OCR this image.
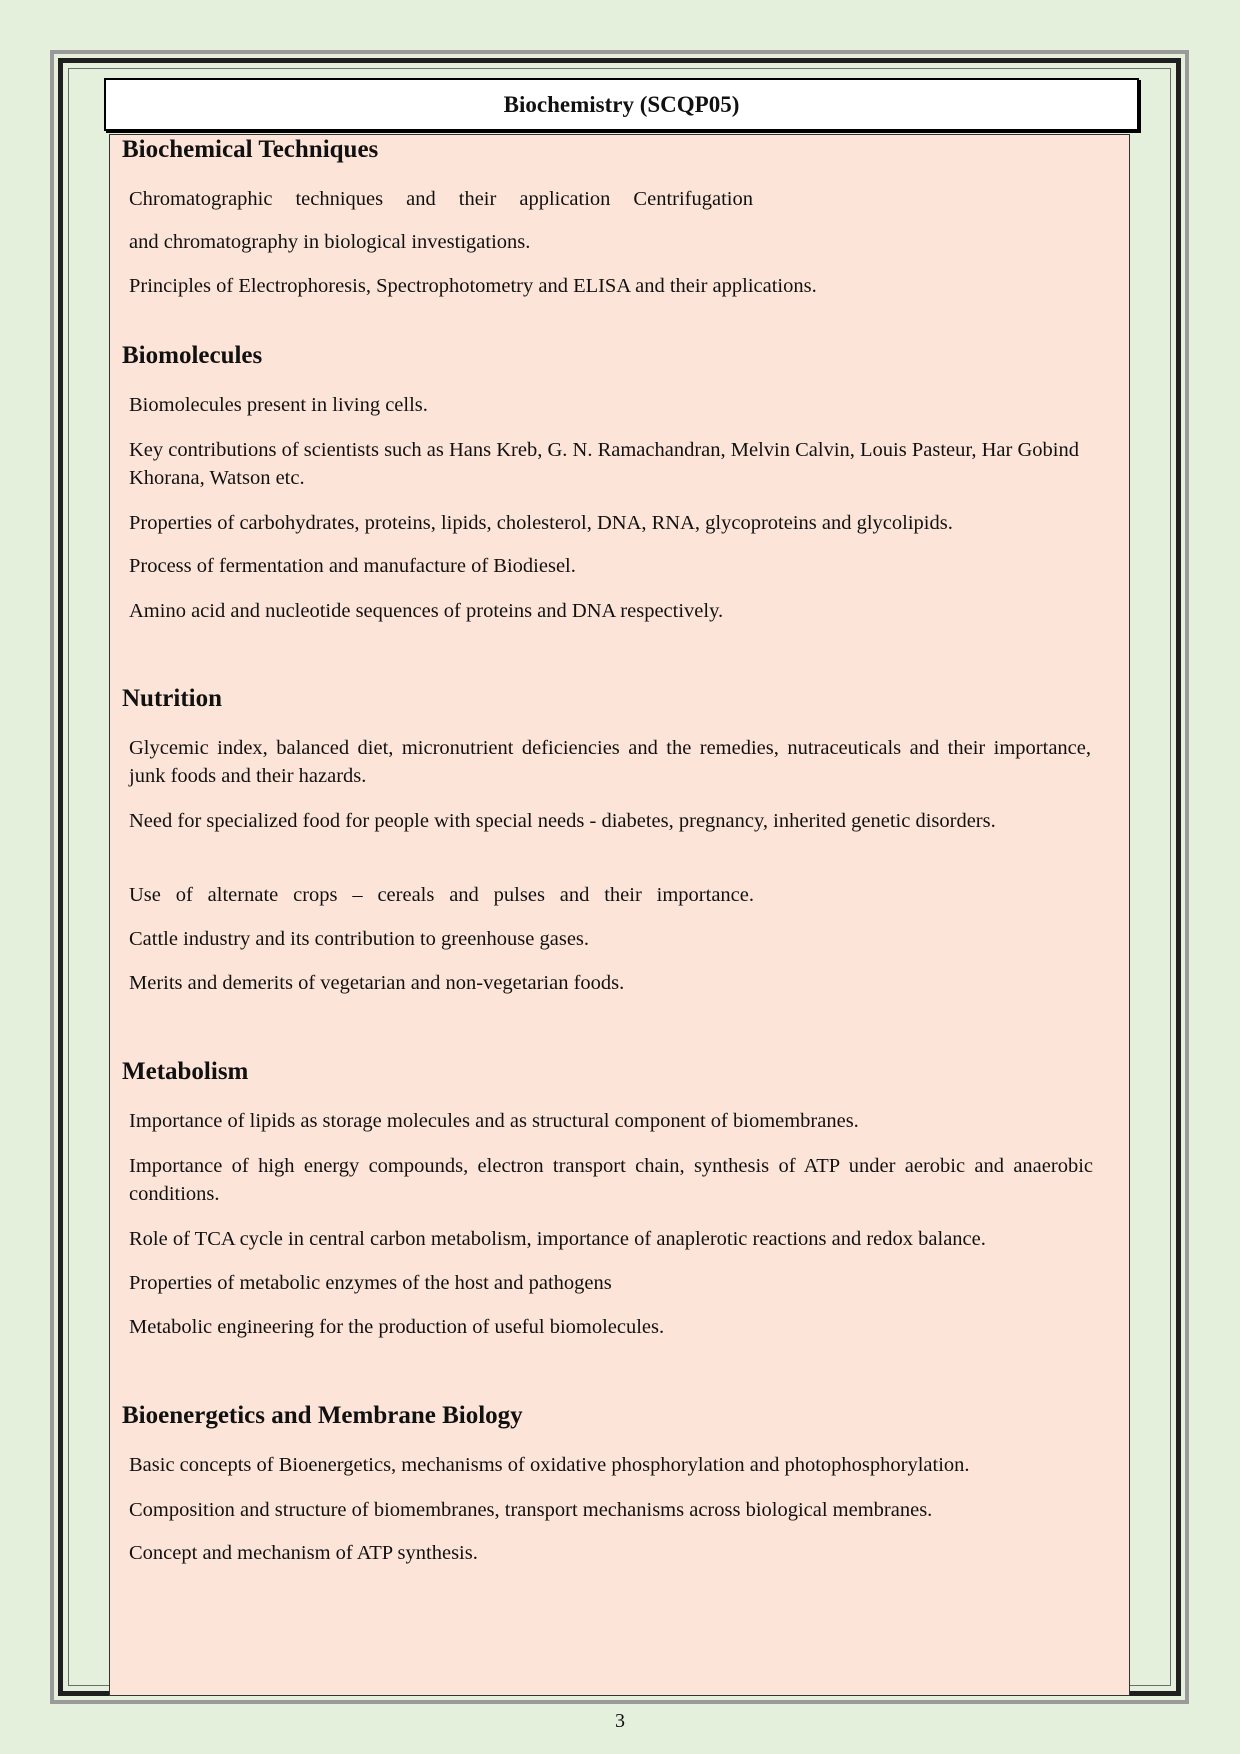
Biochemistry (SCQP05)
Biochemical Techniques

Chromatographic techniques and their application Centrifugation

and chromatography in biological investigations.

Principles of Electrophoresis, Spectrophotometry and ELISA and their applications.

Biomolecules

Biomolecules present in living cells.

Key contributions of scientists such as Hans Kreb, G. N. Ramachandran, Melvin Calvin, Louis Pasteur, Har Gobind Khorana, Watson etc.

Properties of carbohydrates, proteins, lipids, cholesterol, DNA, RNA, glycoproteins and glycolipids.

Process of fermentation and manufacture of Biodiesel.

Amino acid and nucleotide sequences of proteins and DNA respectively.

Nutrition

Glycemic index, balanced diet, micronutrient deficiencies and the remedies, nutraceuticals and their importance, junk foods and their hazards.

Need for specialized food for people with special needs - diabetes, pregnancy, inherited genetic disorders.

Use of alternate crops – cereals and pulses and their importance.

Cattle industry and its contribution to greenhouse gases.

Merits and demerits of vegetarian and non-vegetarian foods.

Metabolism

Importance of lipids as storage molecules and as structural component of biomembranes.

Importance of high energy compounds, electron transport chain, synthesis of ATP under aerobic and anaerobic conditions.

Role of TCA cycle in central carbon metabolism, importance of anaplerotic reactions and redox balance.

Properties of metabolic enzymes of the host and pathogens

Metabolic engineering for the production of useful biomolecules.

Bioenergetics and Membrane Biology

Basic concepts of Bioenergetics, mechanisms of oxidative phosphorylation and photophosphorylation.

Composition and structure of biomembranes, transport mechanisms across biological membranes.

Concept and mechanism of ATP synthesis.

3
